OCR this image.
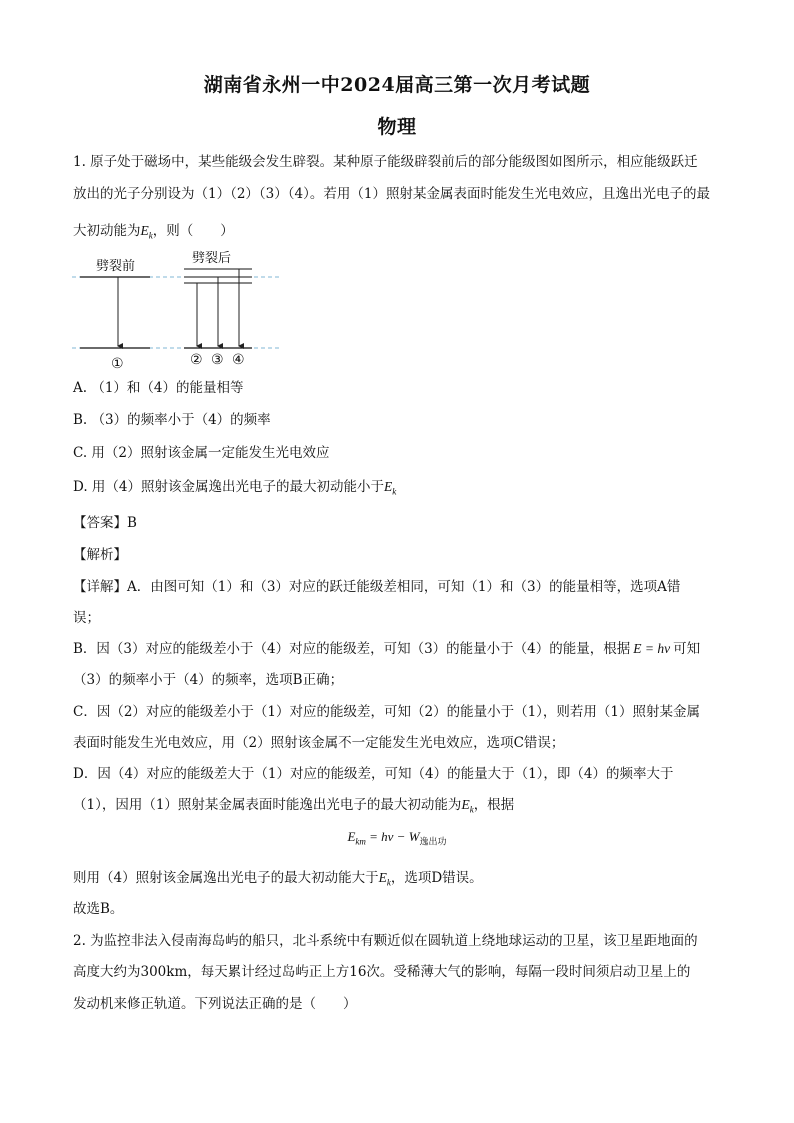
湖南省永州一中2024届高三第一次月考试题
物理
1. 原子处于磁场中，某些能级会发生辟裂。某种原子能级辟裂前后的部分能级图如图所示，相应能级跃迁
放出的光子分别设为（1）（2）（3）（4）。若用（1）照射某金属表面时能发生光电效应，且逸出光电子的最
大初动能为$E_k$，则（　　）
劈裂前
劈裂后
①	② ③ ④
A. （1）和（4）的能量相等
B. （3）的频率小于（4）的频率
C. 用（2）照射该金属一定能发生光电效应
D. 用（4）照射该金属逸出光电子的最大初动能小于$E_k$
【答案】B
【解析】
【详解】A．由图可知（1）和（3）对应的跃迁能级差相同，可知（1）和（3）的能量相等，选项A错
误；
B．因（3）对应的能级差小于（4）对应的能级差，可知（3）的能量小于（4）的能量，根据 E = hν 可知
（3）的频率小于（4）的频率，选项B正确；
C．因（2）对应的能级差小于（1）对应的能级差，可知（2）的能量小于（1），则若用（1）照射某金属
表面时能发生光电效应，用（2）照射该金属不一定能发生光电效应，选项C错误；
D．因（4）对应的能级差大于（1）对应的能级差，可知（4）的能量大于（1），即（4）的频率大于
（1），因用（1）照射某金属表面时能逸出光电子的最大初动能为$E_k$，根据
$E_{km} = h\nu - W_{逸出功}$
则用（4）照射该金属逸出光电子的最大初动能大于$E_k$，选项D错误。
故选B。
2. 为监控非法入侵南海岛屿的船只，北斗系统中有颗近似在圆轨道上绕地球运动的卫星，该卫星距地面的
高度大约为300km，每天累计经过岛屿正上方16次。受稀薄大气的影响，每隔一段时间须启动卫星上的
发动机来修正轨道。下列说法正确的是（　　）
